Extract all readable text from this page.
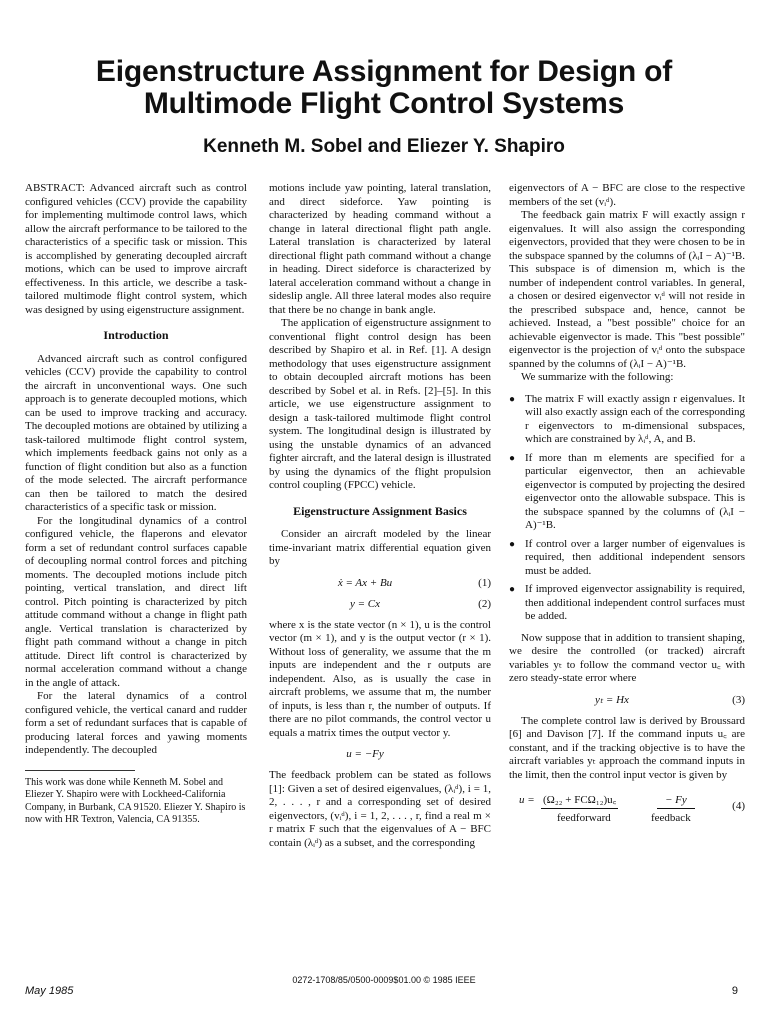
Eigenstructure Assignment for Design of
Multimode Flight Control Systems
Kenneth M. Sobel and Eliezer Y. Shapiro

ABSTRACT: Advanced aircraft such as control configured vehicles (CCV) provide the capability for implementing multimode control laws, which allow the aircraft performance to be tailored to the characteristics of a specific task or mission. This is accomplished by generating decoupled aircraft motions, which can be used to improve aircraft effectiveness. In this article, we describe a task-tailored multimode flight control system, which was designed by using eigenstructure assignment.

Introduction

Advanced aircraft such as control configured vehicles (CCV) provide the capability to control the aircraft in unconventional ways. One such approach is to generate decoupled motions, which can be used to improve tracking and accuracy. The decoupled motions are obtained by utilizing a task-tailored multimode flight control system, which implements feedback gains not only as a function of flight condition but also as a function of the mode selected. The aircraft performance can then be tailored to match the desired characteristics of a specific task or mission.

For the longitudinal dynamics of a control configured vehicle, the flaperons and elevator form a set of redundant control surfaces capable of decoupling normal control forces and pitching moments. The decoupled motions include pitch pointing, vertical translation, and direct lift control. Pitch pointing is characterized by pitch attitude command without a change in flight path angle. Vertical translation is characterized by flight path command without a change in pitch attitude. Direct lift control is characterized by normal acceleration command without a change in the angle of attack.

For the lateral dynamics of a control configured vehicle, the vertical canard and rudder form a set of redundant surfaces that is capable of producing lateral forces and yawing moments independently. The decoupled

This work was done while Kenneth M. Sobel and Eliezer Y. Shapiro were with Lockheed-California Company, in Burbank, CA 91520. Eliezer Y. Shapiro is now with HR Textron, Valencia, CA 91355.

motions include yaw pointing, lateral translation, and direct sideforce. Yaw pointing is characterized by heading command without a change in lateral directional flight path angle. Lateral translation is characterized by lateral directional flight path command without a change in heading. Direct sideforce is characterized by lateral acceleration command without a change in sideslip angle. All three lateral modes also require that there be no change in bank angle.

The application of eigenstructure assignment to conventional flight control design has been described by Shapiro et al. in Ref. [1]. A design methodology that uses eigenstructure assignment to obtain decoupled aircraft motions has been described by Sobel et al. in Refs. [2]–[5]. In this article, we use eigenstructure assignment to design a task-tailored multimode flight control system. The longitudinal design is illustrated by using the unstable dynamics of an advanced fighter aircraft, and the lateral design is illustrated by using the dynamics of the flight propulsion control coupling (FPCC) vehicle.

Eigenstructure Assignment Basics

Consider an aircraft modeled by the linear time-invariant matrix differential equation given by

ẋ = Ax + Bu	(1)
y = Cx	(2)

where x is the state vector (n × 1), u is the control vector (m × 1), and y is the output vector (r × 1). Without loss of generality, we assume that the m inputs are independent and the r outputs are independent. Also, as is usually the case in aircraft problems, we assume that m, the number of inputs, is less than r, the number of outputs. If there are no pilot commands, the control vector u equals a matrix times the output vector y.

u = −Fy

The feedback problem can be stated as follows [1]: Given a set of desired eigenvalues, (λᵢᵈ), i = 1, 2, . . . , r and a corresponding set of desired eigenvectors, (vᵢᵈ), i = 1, 2, . . . , r, find a real m × r matrix F such that the eigenvalues of A − BFC contain (λᵢᵈ) as a subset, and the corresponding

eigenvectors of A − BFC are close to the respective members of the set (vᵢᵈ).

The feedback gain matrix F will exactly assign r eigenvalues. It will also assign the corresponding eigenvectors, provided that they were chosen to be in the subspace spanned by the columns of (λᵢI − A)⁻¹B. This subspace is of dimension m, which is the number of independent control variables. In general, a chosen or desired eigenvector vᵢᵈ will not reside in the prescribed subspace and, hence, cannot be achieved. Instead, a "best possible" choice for an achievable eigenvector is made. This "best possible" eigenvector is the projection of vᵢᵈ onto the subspace spanned by the columns of (λᵢI − A)⁻¹B.

We summarize with the following:

● The matrix F will exactly assign r eigenvalues. It will also exactly assign each of the corresponding r eigenvectors to m-dimensional subspaces, which are constrained by λᵢᵈ, A, and B.
● If more than m elements are specified for a particular eigenvector, then an achievable eigenvector is computed by projecting the desired eigenvector onto the allowable subspace. This is the subspace spanned by the columns of (λᵢI − A)⁻¹B.
● If control over a larger number of eigenvalues is required, then additional independent sensors must be added.
● If improved eigenvector assignability is required, then additional independent control surfaces must be added.

Now suppose that in addition to transient shaping, we desire the controlled (or tracked) aircraft variables yₜ to follow the command vector u꜀ with zero steady-state error where

yₜ = Hx	(3)

The complete control law is derived by Broussard [6] and Davison [7]. If the command inputs u꜀ are constant, and if the tracking objective is to have the aircraft variables yₜ approach the command inputs in the limit, then the control input vector is given by

u = (Ω₂₂ + FCΩ₁₂)u꜀	− Fy
feedforward	feedback
(4)
0272-1708/85/0500-0009$01.00 © 1985 IEEE
May 1985	9
